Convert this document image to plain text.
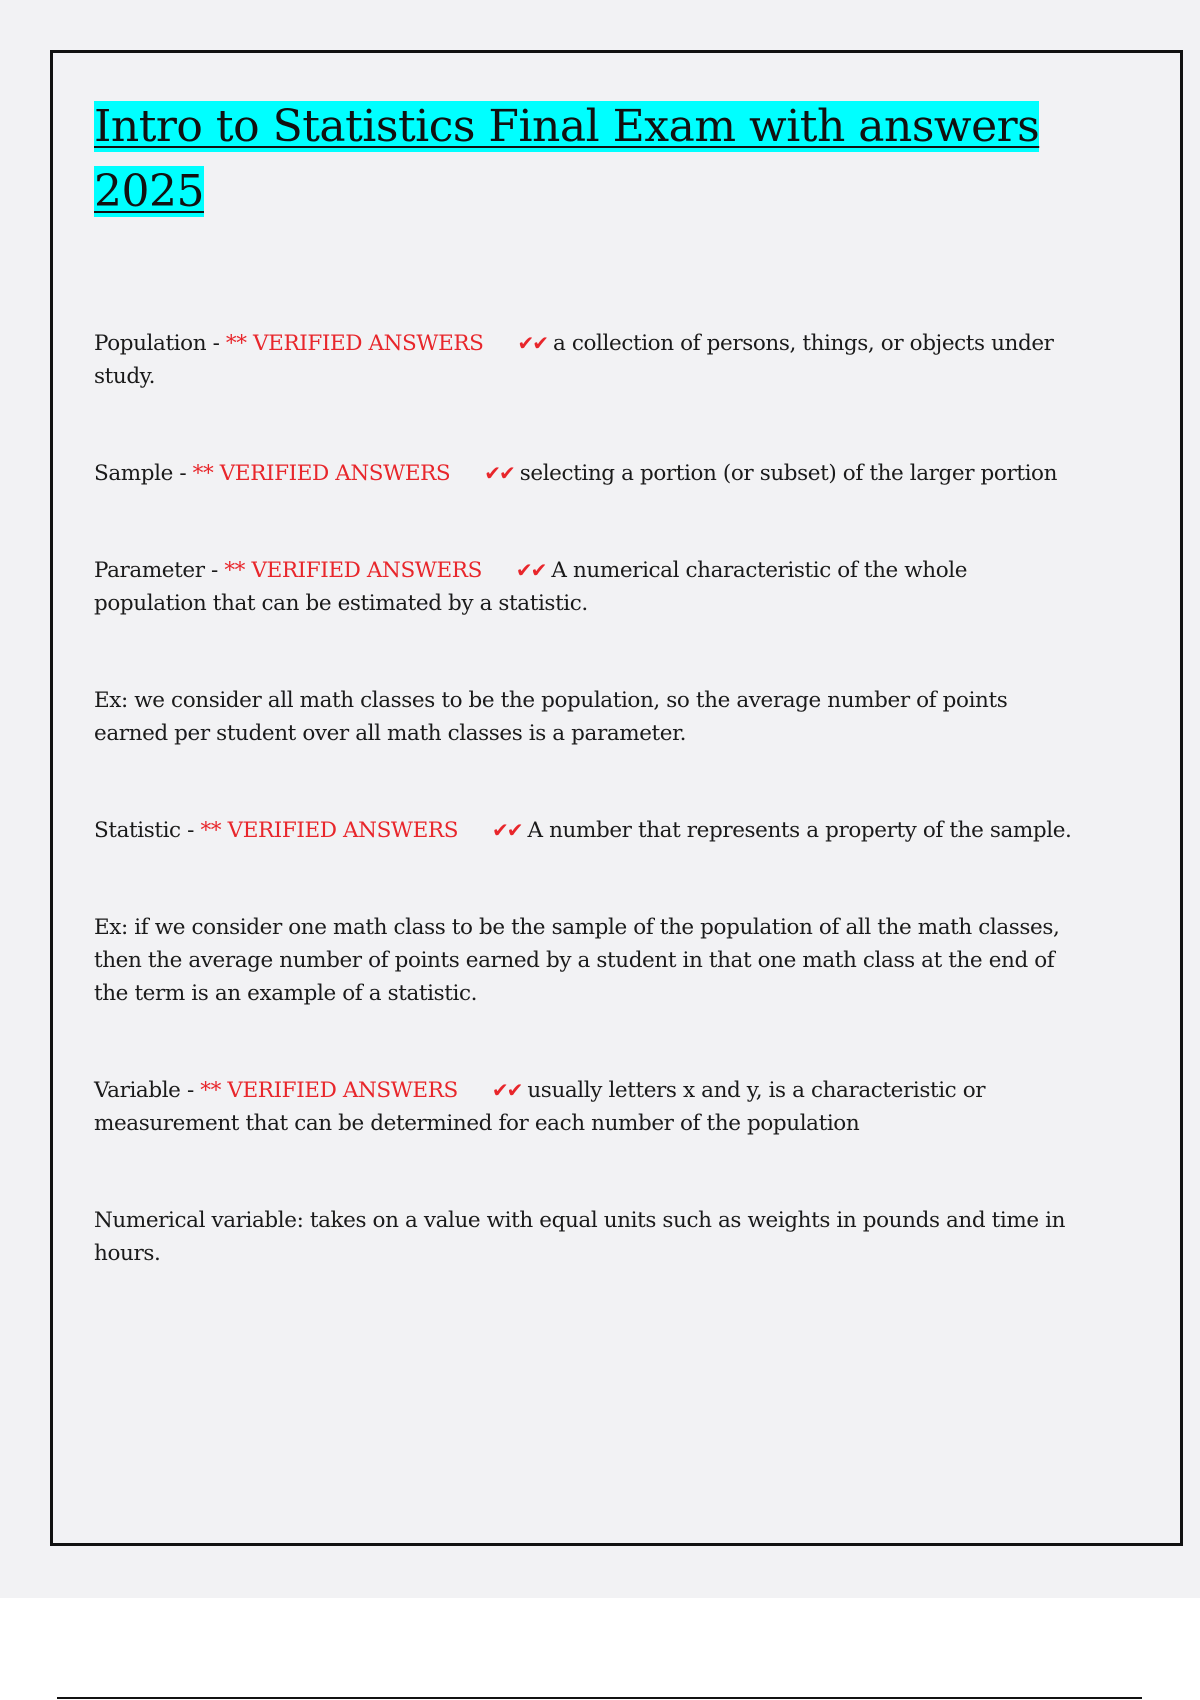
Intro to Statistics Final Exam with answers
2025

Population - ** VERIFIED ANSWERS ✔✔ a collection of persons, things, or objects under study.

Sample - ** VERIFIED ANSWERS ✔✔ selecting a portion (or subset) of the larger portion

Parameter - ** VERIFIED ANSWERS ✔✔ A numerical characteristic of the whole population that can be estimated by a statistic.

Ex: we consider all math classes to be the population, so the average number of points earned per student over all math classes is a parameter.

Statistic - ** VERIFIED ANSWERS ✔✔ A number that represents a property of the sample.

Ex: if we consider one math class to be the sample of the population of all the math classes, then the average number of points earned by a student in that one math class at the end of the term is an example of a statistic.

Variable - ** VERIFIED ANSWERS ✔✔ usually letters x and y, is a characteristic or measurement that can be determined for each number of the population

Numerical variable: takes on a value with equal units such as weights in pounds and time in hours.
